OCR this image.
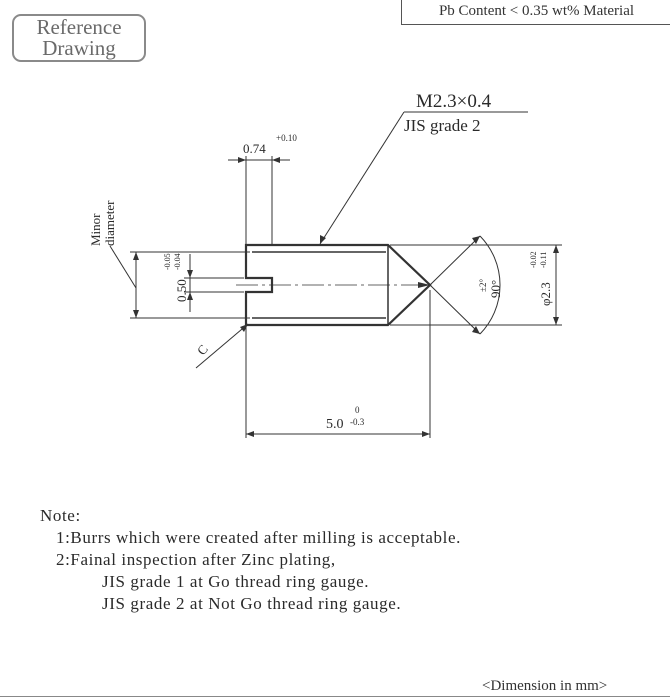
Reference
Drawing
Pb Content < 0.35 wt% Material
M2.3×0.4
JIS grade 2
0.74
+0.10
Minor diameter
0.50
-0.05 -0.04
φ2.3
-0.02 -0.11
90°
±2°
C
5.0
0
-0.3
Note:
1:Burrs which were created after milling is acceptable.
2:Fainal inspection after Zinc plating,
JIS grade 1 at Go thread ring gauge.
JIS grade 2 at Not Go thread ring gauge.
<Dimension in mm>
